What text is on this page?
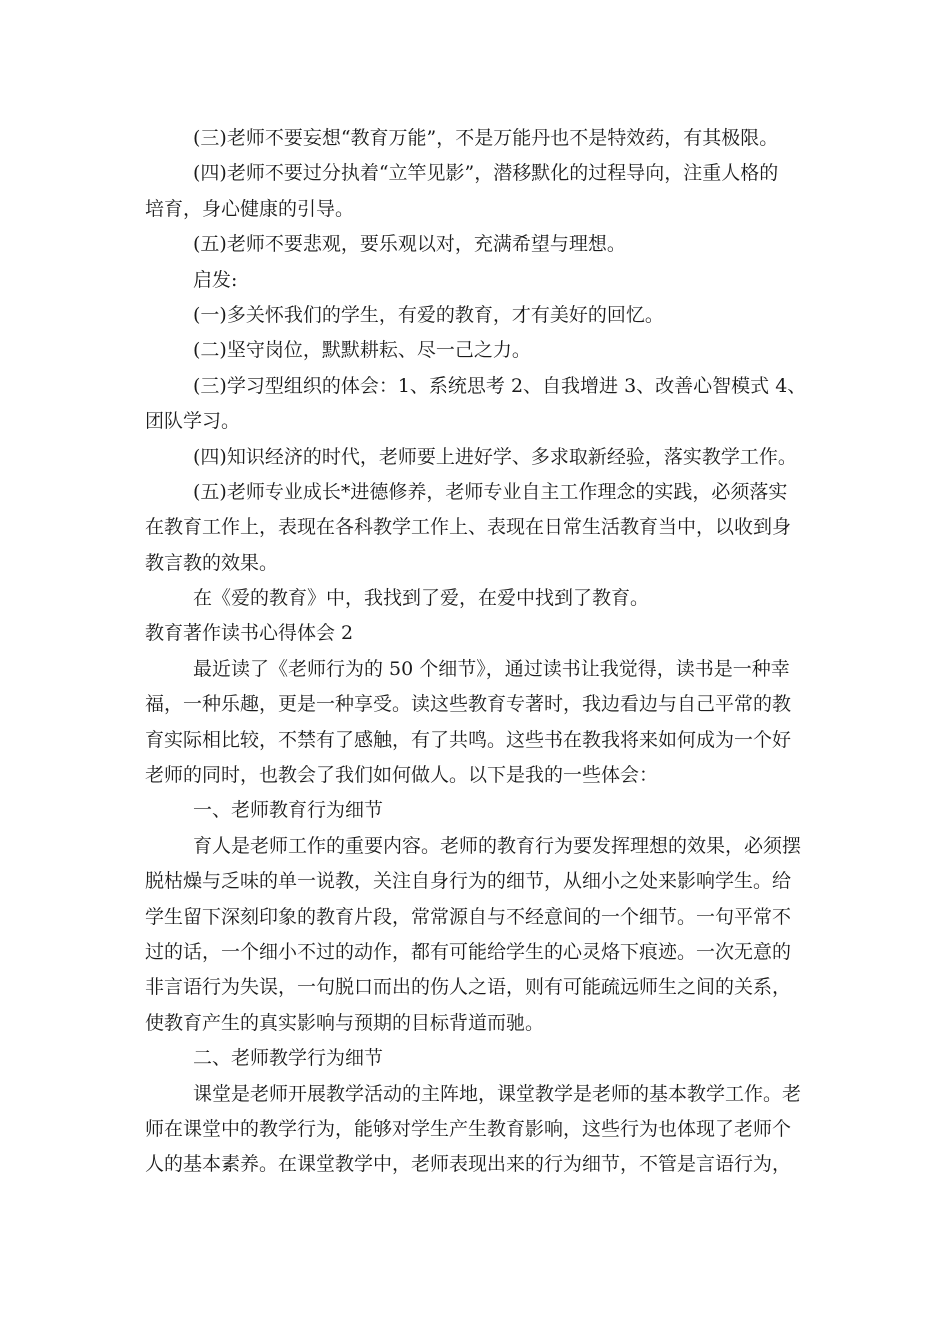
(三)老师不要妄想“教育万能”，不是万能丹也不是特效药，有其极限。
(四)老师不要过分执着“立竿见影”，潜移默化的过程导向，注重人格的
培育，身心健康的引导。
(五)老师不要悲观，要乐观以对，充满希望与理想。
启发:
(一)多关怀我们的学生，有爱的教育，才有美好的回忆。
(二)坚守岗位，默默耕耘、尽一己之力。
(三)学习型组织的体会：1、系统思考 2、自我增进 3、改善心智模式 4、
团队学习。
(四)知识经济的时代，老师要上进好学、多求取新经验，落实教学工作。
(五)老师专业成长*进德修养，老师专业自主工作理念的实践，必须落实
在教育工作上，表现在各科教学工作上、表现在日常生活教育当中，以收到身
教言教的效果。
在《爱的教育》中，我找到了爱，在爱中找到了教育。
教育著作读书心得体会 2
最近读了《老师行为的 50 个细节》，通过读书让我觉得，读书是一种幸
福，一种乐趣，更是一种享受。读这些教育专著时，我边看边与自己平常的教
育实际相比较，不禁有了感触，有了共鸣。这些书在教我将来如何成为一个好
老师的同时，也教会了我们如何做人。以下是我的一些体会：
一、老师教育行为细节
育人是老师工作的重要内容。老师的教育行为要发挥理想的效果，必须摆
脱枯燥与乏味的单一说教，关注自身行为的细节，从细小之处来影响学生。给
学生留下深刻印象的教育片段，常常源自与不经意间的一个细节。一句平常不
过的话，一个细小不过的动作，都有可能给学生的心灵烙下痕迹。一次无意的
非言语行为失误，一句脱口而出的伤人之语，则有可能疏远师生之间的关系，
使教育产生的真实影响与预期的目标背道而驰。
二、老师教学行为细节
课堂是老师开展教学活动的主阵地，课堂教学是老师的基本教学工作。老
师在课堂中的教学行为，能够对学生产生教育影响，这些行为也体现了老师个
人的基本素养。在课堂教学中，老师表现出来的行为细节，不管是言语行为，
